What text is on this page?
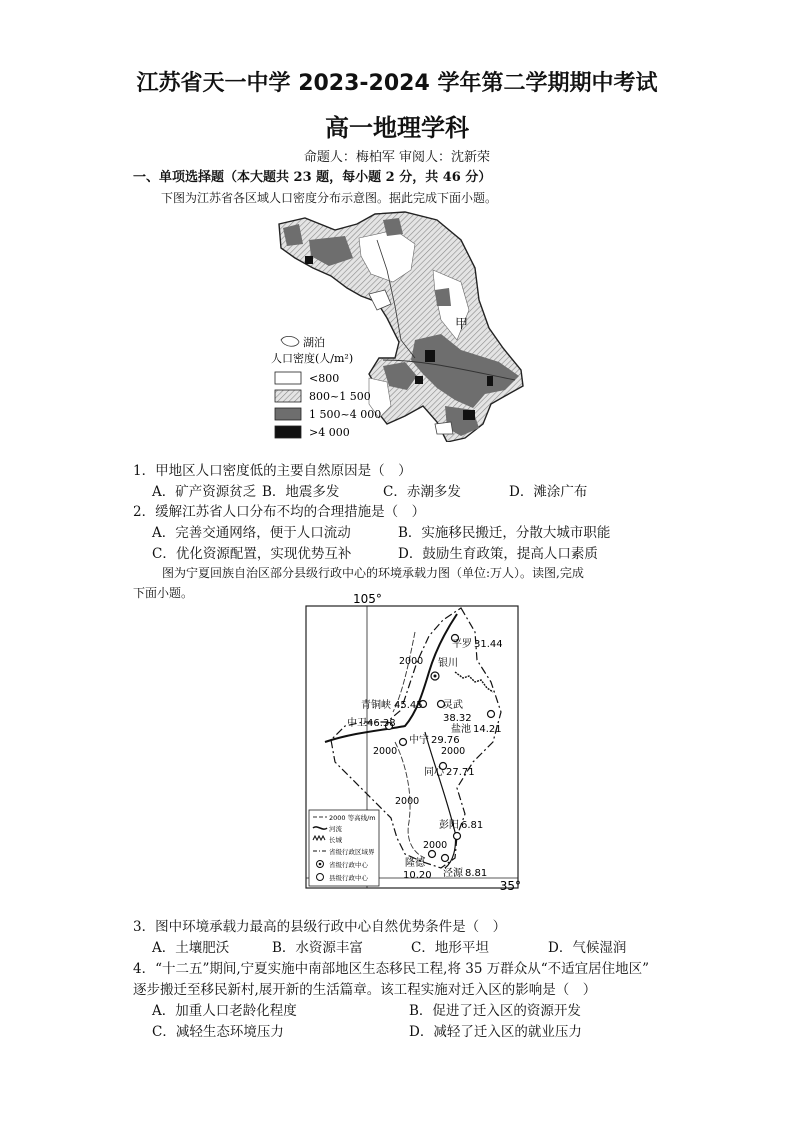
江苏省天一中学 2023-2024 学年第二学期期中考试
高一地理学科
命题人：梅柏军 审阅人：沈新荣
一、单项选择题（本大题共 23 题，每小题 2 分，共 46 分）
下图为江苏省各区域人口密度分布示意图。据此完成下面小题。
甲
湖泊
人口密度(人/m²)
<800
800~1 500
1 500~4 000
>4 000
1．甲地区人口密度低的主要自然原因是（　）
A．矿产资源贫乏 B．地震多发	C．赤潮多发	D．滩涂广布
2．缓解江苏省人口分布不均的合理措施是（　）
A．完善交通网络，便于人口流动	B．实施移民搬迁，分散大城市职能
C．优化资源配置，实现优势互补	D．鼓励生育政策，提高人口素质
图为宁夏回族自治区部分县级行政中心的环境承载力图（单位:万人）。读图,完成
下面小题。	105°
35°
2000
2000	2000
2000
2000
平罗 31.44
银川
青铜峡 45.45 灵武
38.32
中卫 46.38
中宁 29.76
盐池 14.21
同心 27.71
彭阳 6.81
隆德
10.20 泾源 8.81
2000 等高线/m
河流
长城
省级行政区域界
省级行政中心
县级行政中心
3．图中环境承载力最高的县级行政中心自然优势条件是（　）
A．土壤肥沃	B．水资源丰富	C．地形平坦	D．气候湿润
4．“十二五”期间,宁夏实施中南部地区生态移民工程,将 35 万群众从“不适宜居住地区”
逐步搬迁至移民新村,展开新的生活篇章。该工程实施对迁入区的影响是（　）
A．加重人口老龄化程度	B．促进了迁入区的资源开发
C．减轻生态环境压力	D．减轻了迁入区的就业压力
